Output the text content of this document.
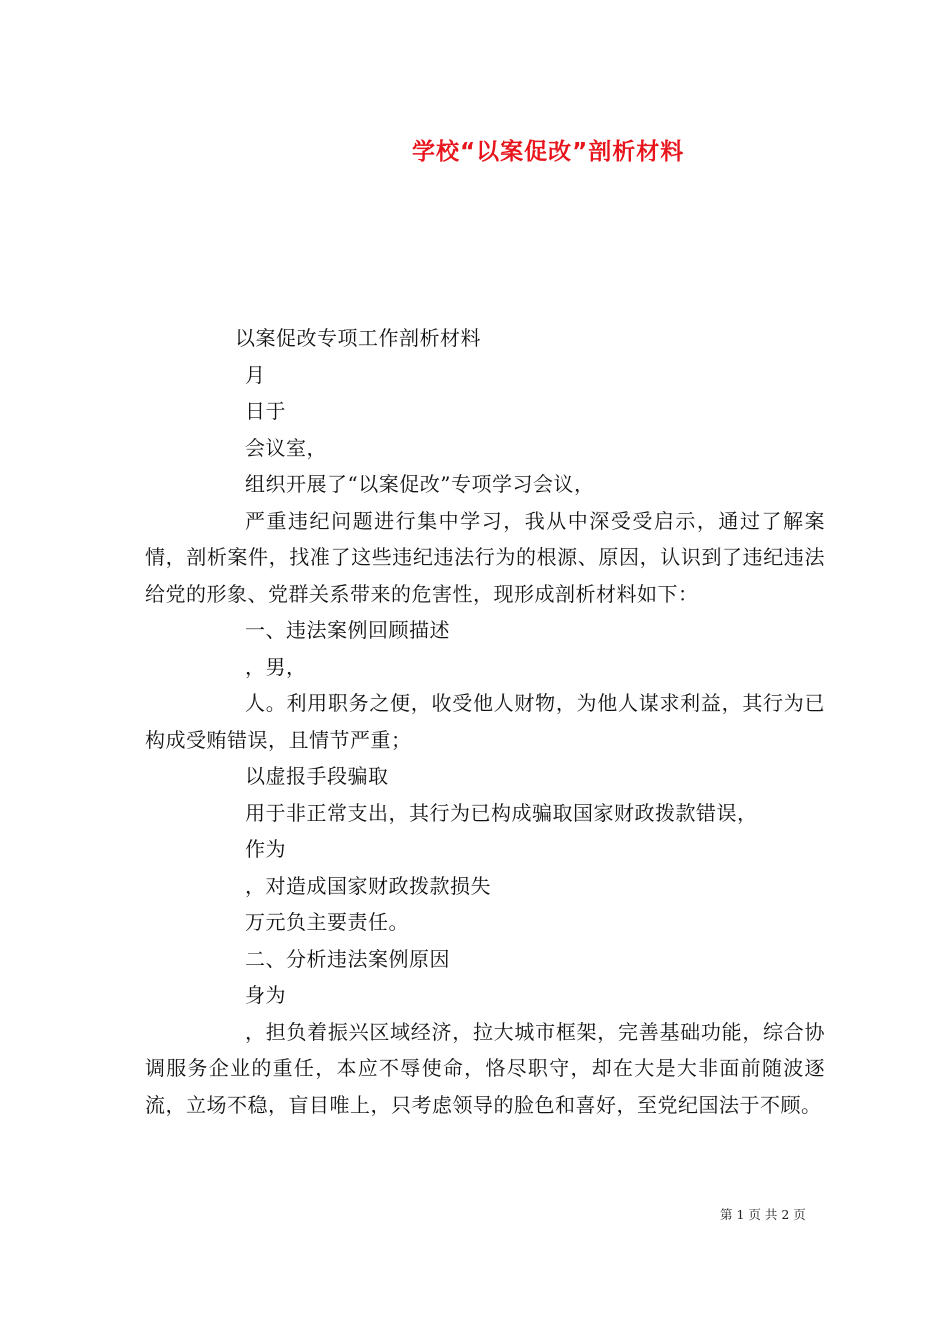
学校“以案促改”剖析材料

以案促改专项工作剖析材料

月

日于

会议室，

组织开展了“以案促改”专项学习会议，

严重违纪问题进行集中学习，我从中深受受启示，通过了解案情，剖析案件，找准了这些违纪违法行为的根源、原因，认识到了违纪违法给党的形象、党群关系带来的危害性，现形成剖析材料如下：

一、违法案例回顾描述

，男，

人。利用职务之便，收受他人财物，为他人谋求利益，其行为已构成受贿错误，且情节严重；

以虚报手段骗取

用于非正常支出，其行为已构成骗取国家财政拨款错误，

作为

，对造成国家财政拨款损失

万元负主要责任。

二、分析违法案例原因

身为

，担负着振兴区域经济，拉大城市框架，完善基础功能，综合协调服务企业的重任，本应不辱使命，恪尽职守，却在大是大非面前随波逐流，立场不稳，盲目唯上，只考虑领导的脸色和喜好，至党纪国法于不顾。

第 1 页 共 2 页
